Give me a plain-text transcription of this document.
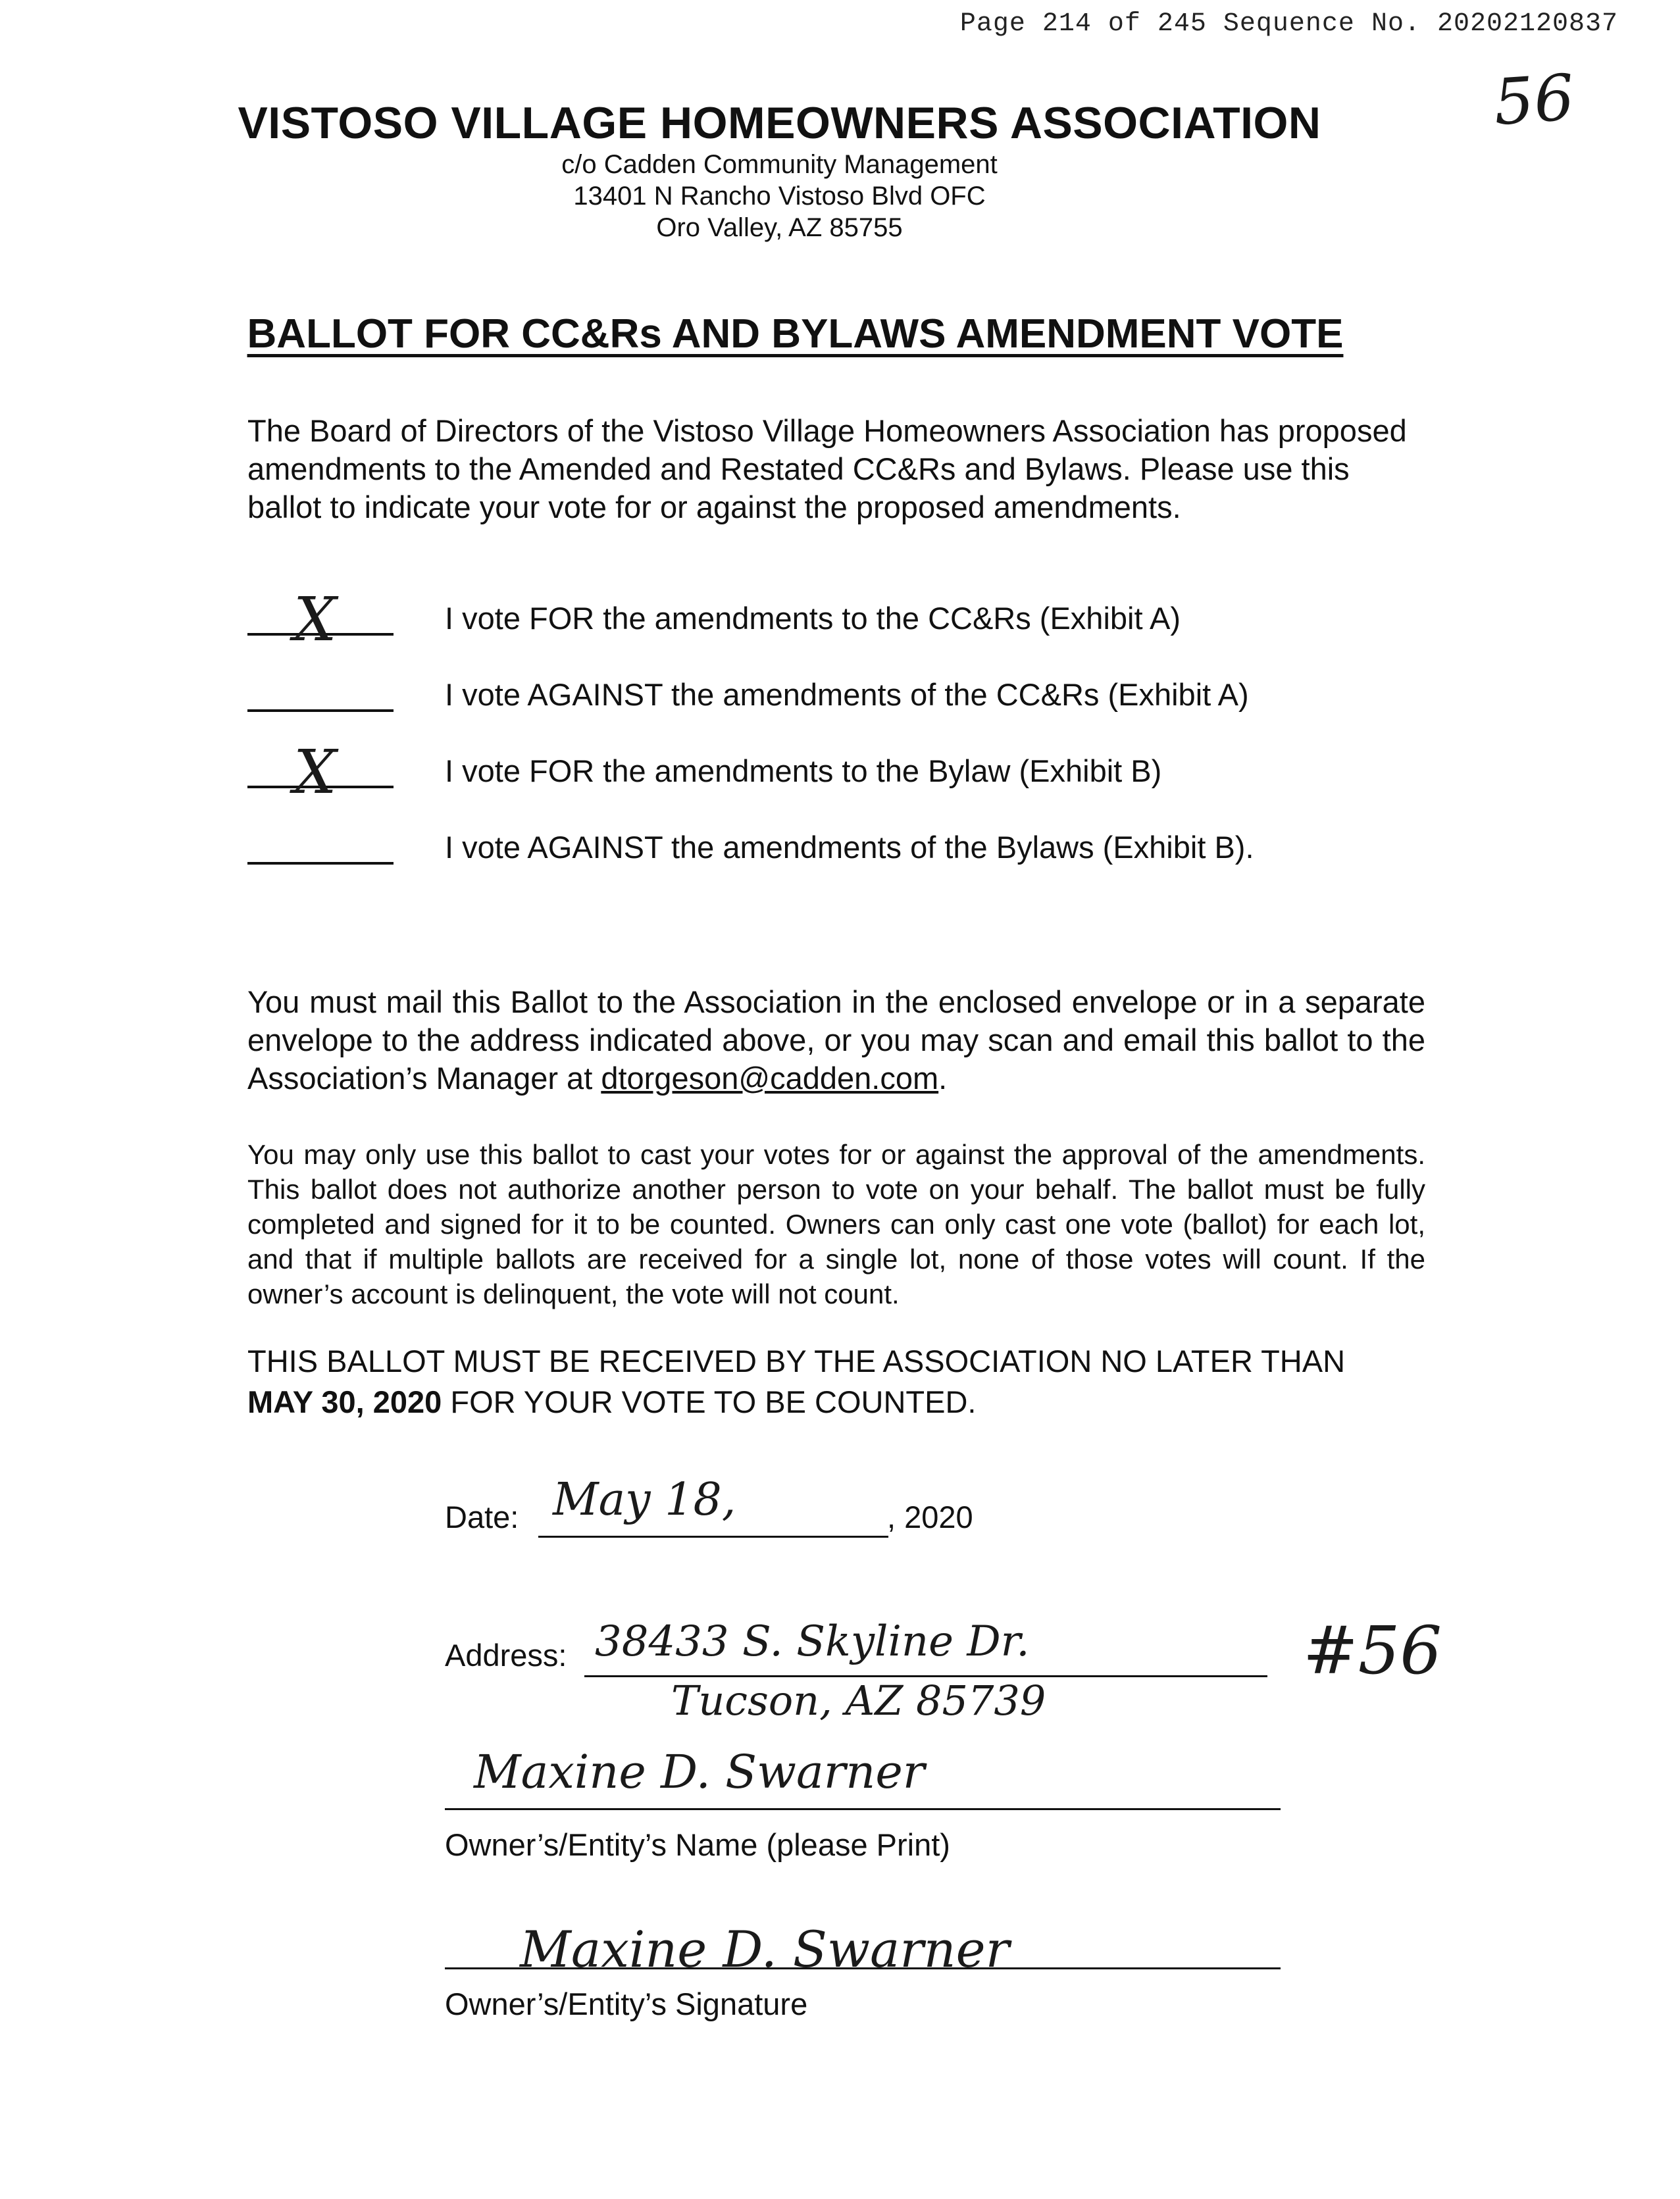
Page 214 of 245 Sequence No. 20202120837
56
VISTOSO VILLAGE HOMEOWNERS ASSOCIATION
c/o Cadden Community Management
13401 N Rancho Vistoso Blvd OFC
Oro Valley, AZ 85755
BALLOT FOR CC&Rs AND BYLAWS AMENDMENT VOTE
The Board of Directors of the Vistoso Village Homeowners Association has proposed amendments to the Amended and Restated CC&Rs and Bylaws. Please use this ballot to indicate your vote for or against the proposed amendments.
X	I vote FOR the amendments to the CC&Rs (Exhibit A)
I vote AGAINST the amendments of the CC&Rs (Exhibit A)
X	I vote FOR the amendments to the Bylaw (Exhibit B)
I vote AGAINST the amendments of the Bylaws (Exhibit B).
You must mail this Ballot to the Association in the enclosed envelope or in a separate envelope to the address indicated above, or you may scan and email this ballot to the Association’s Manager at dtorgeson@cadden.com.
You may only use this ballot to cast your votes for or against the approval of the amendments. This ballot does not authorize another person to vote on your behalf. The ballot must be fully completed and signed for it to be counted. Owners can only cast one vote (ballot) for each lot, and that if multiple ballots are received for a single lot, none of those votes will count. If the owner’s account is delinquent, the vote will not count.
THIS BALLOT MUST BE RECEIVED BY THE ASSOCIATION NO LATER THAN
MAY 30, 2020 FOR YOUR VOTE TO BE COUNTED.
Date: May 18,	, 2020
Address: 38433 S. Skyline Dr.
Tucson, AZ 85739
#56
Maxine D. Swarner
Owner’s/Entity’s Name (please Print)
Maxine D. Swarner
Owner’s/Entity’s Signature
